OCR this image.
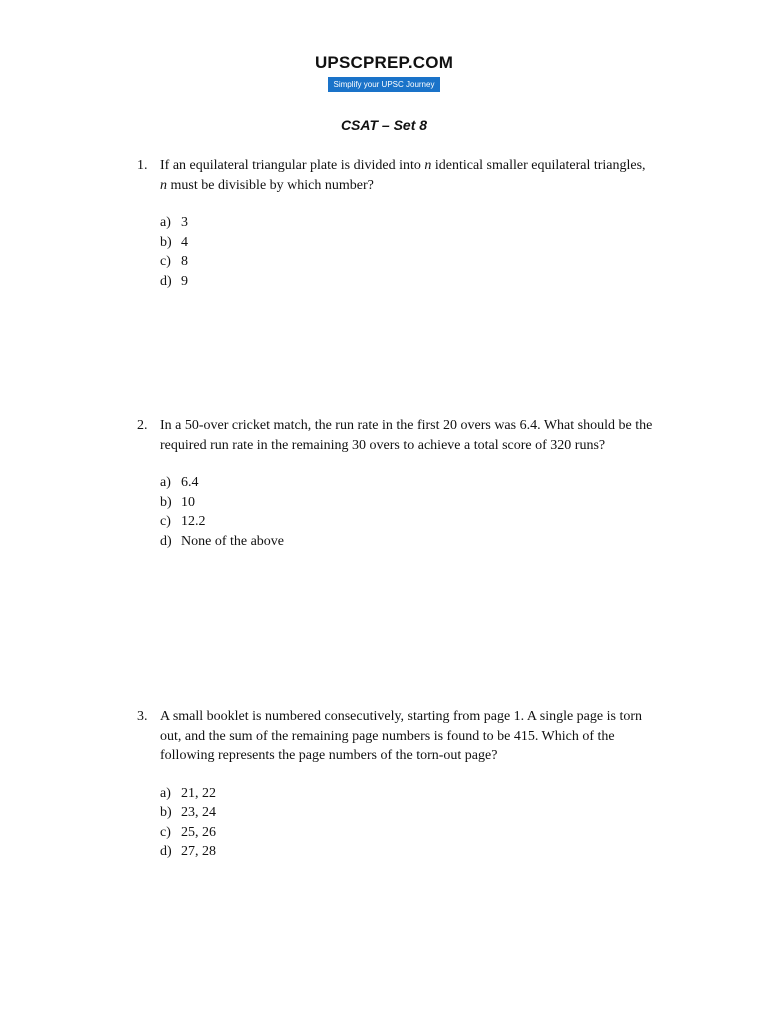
UPSCPREP.COM
Simplify your UPSC Journey
CSAT – Set 8
1. If an equilateral triangular plate is divided into n identical smaller equilateral triangles,
n must be divisible by which number?
a) 3
b) 4
c) 8
d) 9
2. In a 50-over cricket match, the run rate in the first 20 overs was 6.4. What should be the required run rate in the remaining 30 overs to achieve a total score of 320 runs?
a) 6.4
b) 10
c) 12.2
d) None of the above
3. A small booklet is numbered consecutively, starting from page 1. A single page is torn out, and the sum of the remaining page numbers is found to be 415. Which of the following represents the page numbers of the torn-out page?
a) 21, 22
b) 23, 24
c) 25, 26
d) 27, 28
